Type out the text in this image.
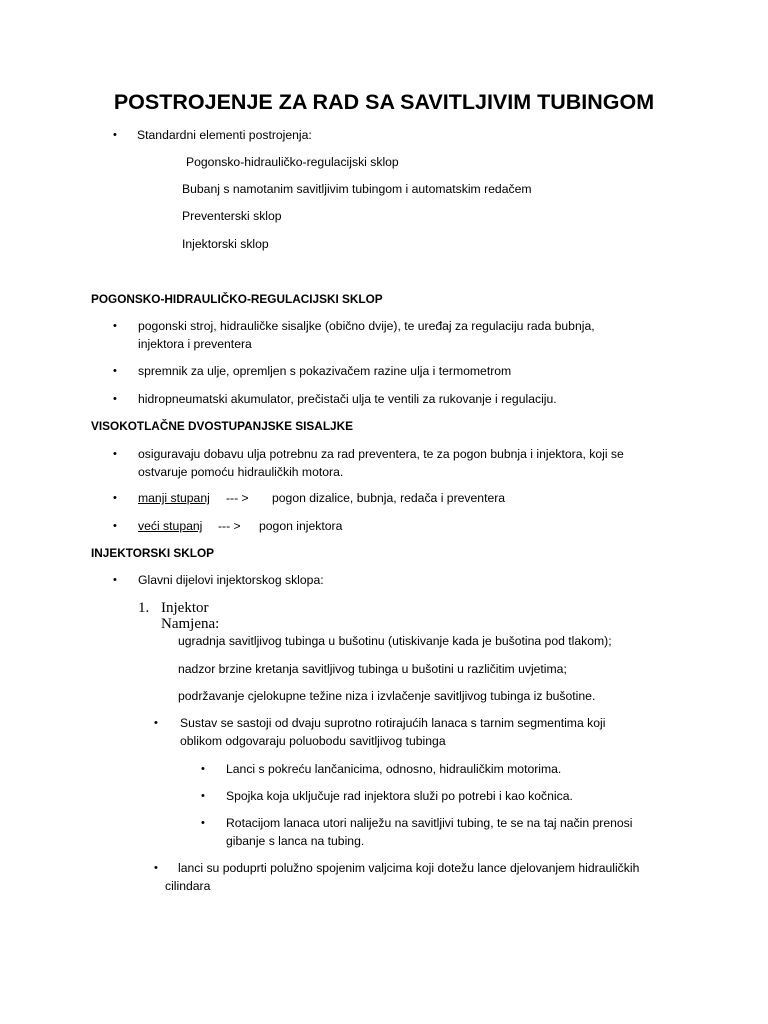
POSTROJENJE ZA RAD SA SAVITLJIVIM TUBINGOM
• Standardni elementi postrojenja:
Pogonsko-hidrauličko-regulacijski sklop
Bubanj s namotanim savitljivim tubingom i automatskim redačem
Preventerski sklop
Injektorski sklop
POGONSKO-HIDRAULIČKO-REGULACIJSKI SKLOP
• pogonski stroj, hidrauličke sisaljke (obično dvije), te uređaj za regulaciju rada bubnja,
injektora i preventera
• spremnik za ulje, opremljen s pokazivačem razine ulja i termometrom
• hidropneumatski akumulator, prečistači ulja te ventili za rukovanje i regulaciju.
VISOKOTLAČNE DVOSTUPANJSKE SISALJKE
• osiguravaju dobavu ulja potrebnu za rad preventera, te za pogon bubnja i injektora, koji se
ostvaruje pomoću hidrauličkih motora.
• manji stupanj --- > pogon dizalice, bubnja, redača i preventera
• veći stupanj --- > pogon injektora
INJEKTORSKI SKLOP
• Glavni dijelovi injektorskog sklopa:
1. Injektor
Namjena:
ugradnja savitljivog tubinga u bušotinu (utiskivanje kada je bušotina pod tlakom);
nadzor brzine kretanja savitljivog tubinga u bušotini u različitim uvjetima;
podržavanje cjelokupne težine niza i izvlačenje savitljivog tubinga iz bušotine.
• Sustav se sastoji od dvaju suprotno rotirajućih lanaca s tarnim segmentima koji
oblikom odgovaraju poluobodu savitljivog tubinga
• Lanci s pokreću lančanicima, odnosno, hidrauličkim motorima.
• Spojka koja uključuje rad injektora služi po potrebi i kao kočnica.
• Rotacijom lanaca utori naliježu na savitljivi tubing, te se na taj način prenosi
gibanje s lanca na tubing.
• lanci su poduprti polužno spojenim valjcima koji dotežu lance djelovanjem hidrauličkih
cilindara
